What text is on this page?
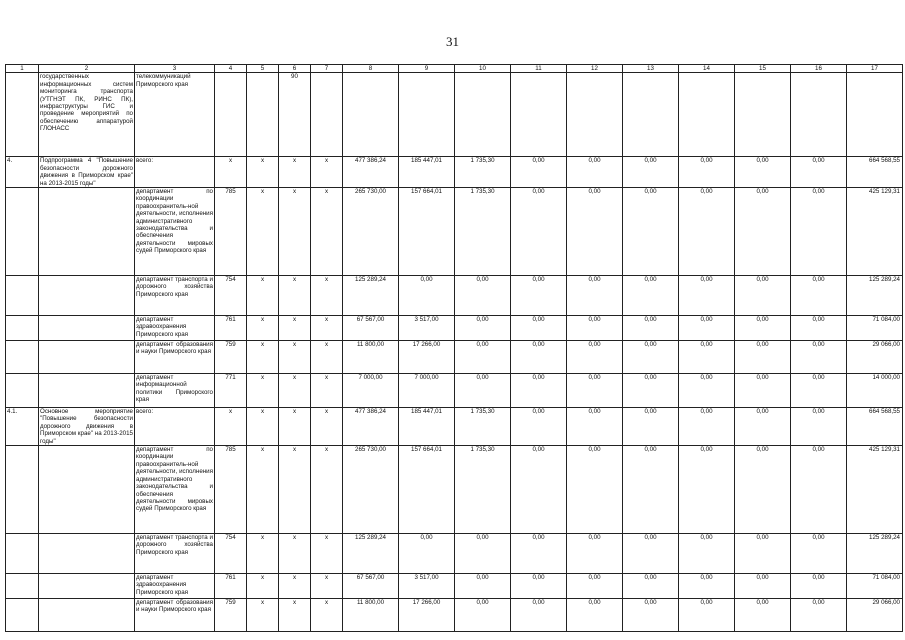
31
1	2	3	4	5	6	7	8	9	10	11	12	13	14	15	16	17
	государственных информационных систем мониторинга транспорта (УТГНЭТ ПК, РИНС ПК), инфраструктуры ГИС и проведение мероприятий по обеспечению аппаратурой ГЛОНАСС	телекоммуникаций Приморского края			90											
4.	Подпрограмма 4 "Повышение безопасности дорожного движения в Приморском крае" на 2013-2015 годы"	всего:	x	x	x	x	477 386,24	185 447,01	1 735,30	0,00	0,00	0,00	0,00	0,00	0,00	664 568,55
		департамент по координации правоохранитель-ной деятельности, исполнения административного законодательства и обеспечения деятельности мировых судей Приморского края	785	x	x	x	265 730,00	157 664,01	1 735,30	0,00	0,00	0,00	0,00	0,00	0,00	425 129,31
		департамент транспорта и дорожного хозяйства Приморского края	754	x	x	x	125 289,24	0,00	0,00	0,00	0,00	0,00	0,00	0,00	0,00	125 289,24
		департамент здравоохранения Приморского края	761	x	x	x	67 567,00	3 517,00	0,00	0,00	0,00	0,00	0,00	0,00	0,00	71 084,00
		департамент образования и науки Приморского края	759	x	x	x	11 800,00	17 266,00	0,00	0,00	0,00	0,00	0,00	0,00	0,00	29 066,00
		департамент информационной политики Приморского края	771	x	x	x	7 000,00	7 000,00	0,00	0,00	0,00	0,00	0,00	0,00	0,00	14 000,00
4.1.	Основное мероприятие "Повышение безопасности дорожного движения в Приморском крае" на 2013-2015 годы"	всего:	x	x	x	x	477 386,24	185 447,01	1 735,30	0,00	0,00	0,00	0,00	0,00	0,00	664 568,55
		департамент по координации правоохранитель-ной деятельности, исполнения административного законодательства и обеспечения деятельности мировых судей Приморского края	785	x	x	x	265 730,00	157 664,01	1 735,30	0,00	0,00	0,00	0,00	0,00	0,00	425 129,31
		департамент транспорта и дорожного хозяйства Приморского края	754	x	x	x	125 289,24	0,00	0,00	0,00	0,00	0,00	0,00	0,00	0,00	125 289,24
		департамент здравоохранения Приморского края	761	x	x	x	67 567,00	3 517,00	0,00	0,00	0,00	0,00	0,00	0,00	0,00	71 084,00
		департамент образования и науки Приморского края	759	x	x	x	11 800,00	17 266,00	0,00	0,00	0,00	0,00	0,00	0,00	0,00	29 066,00
